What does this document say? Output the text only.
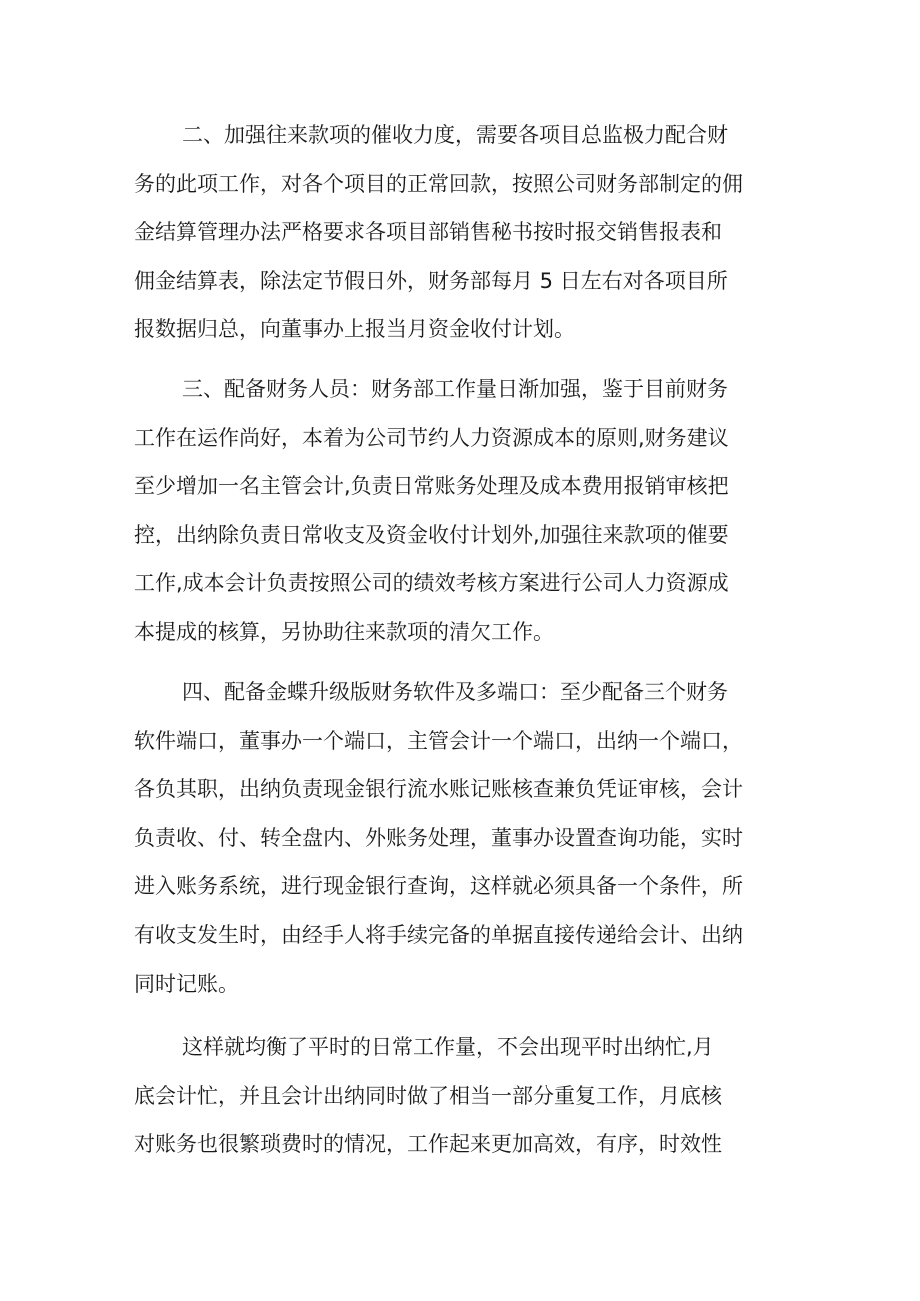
二、加强往来款项的催收力度，需要各项目总监极力配合财
务的此项工作，对各个项目的正常回款，按照公司财务部制定的佣
金结算管理办法严格要求各项目部销售秘书按时报交销售报表和
佣金结算表，除法定节假日外，财务部每月 5 日左右对各项目所
报数据归总，向董事办上报当月资金收付计划。
三、配备财务人员：财务部工作量日渐加强，鉴于目前财务
工作在运作尚好，本着为公司节约人力资源成本的原则,财务建议
至少增加一名主管会计,负责日常账务处理及成本费用报销审核把
控，出纳除负责日常收支及资金收付计划外,加强往来款项的催要
工作,成本会计负责按照公司的绩效考核方案进行公司人力资源成
本提成的核算，另协助往来款项的清欠工作。
四、配备金蝶升级版财务软件及多端口：至少配备三个财务
软件端口，董事办一个端口，主管会计一个端口，出纳一个端口，
各负其职，出纳负责现金银行流水账记账核查兼负凭证审核，会计
负责收、付、转全盘内、外账务处理，董事办设置查询功能，实时
进入账务系统，进行现金银行查询，这样就必须具备一个条件，所
有收支发生时，由经手人将手续完备的单据直接传递给会计、出纳
同时记账。
这样就均衡了平时的日常工作量，不会出现平时出纳忙,月
底会计忙，并且会计出纳同时做了相当一部分重复工作，月底核
对账务也很繁琐费时的情况，工作起来更加高效，有序，时效性
